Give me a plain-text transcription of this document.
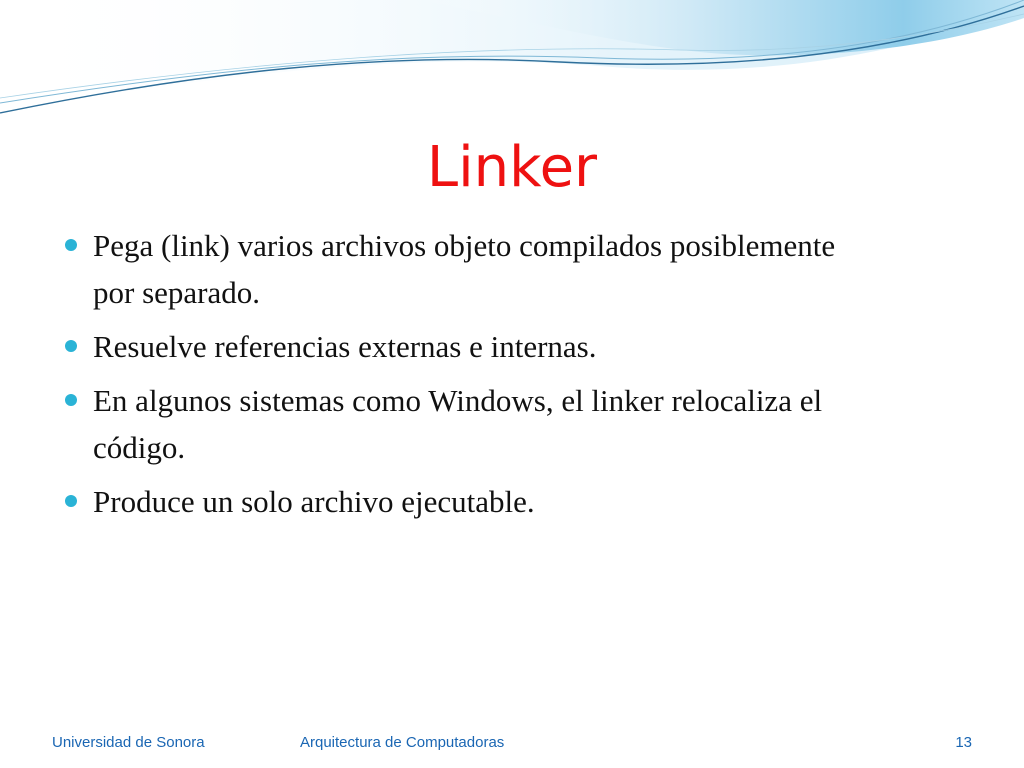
Linker
Pega (link) varios archivos objeto compilados posiblemente por separado.
Resuelve referencias externas e internas.
En algunos sistemas como Windows, el linker relocaliza el código.
Produce un solo archivo ejecutable.
Universidad de Sonora	Arquitectura de Computadoras	13
